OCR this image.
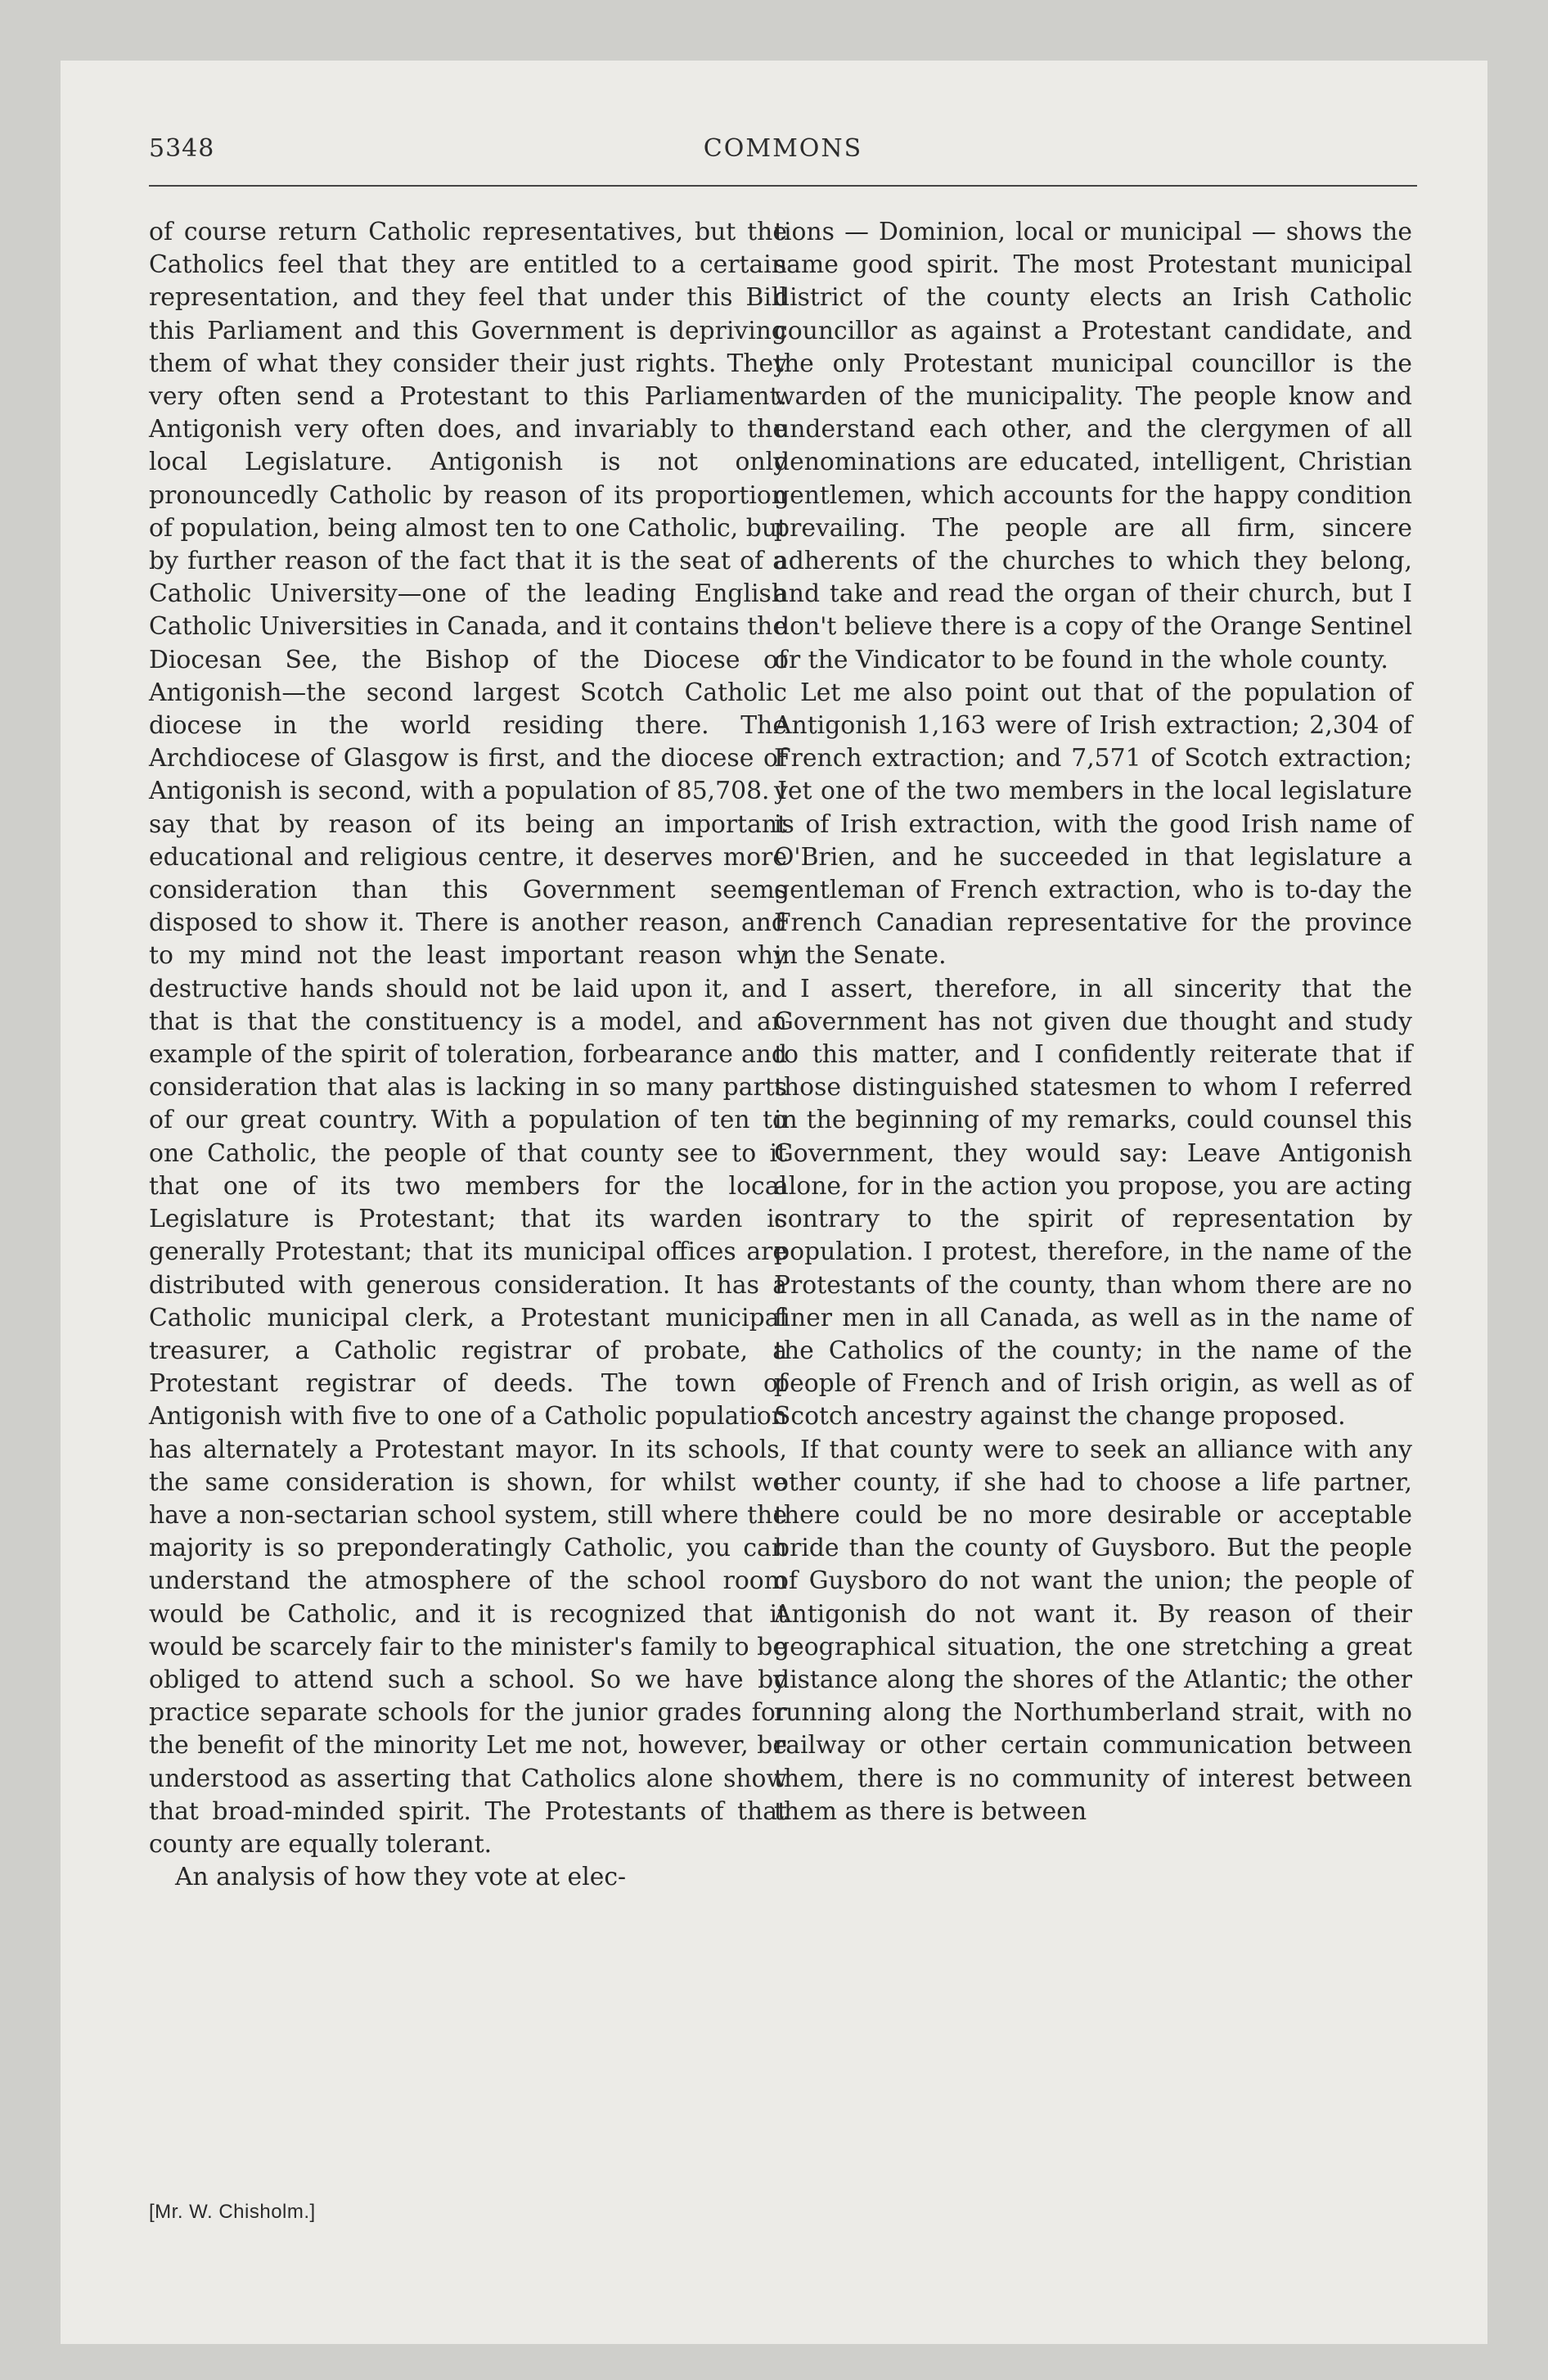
5348	COMMONS

of course return Catholic representatives, but the Catholics feel that they are entitled to a certain representation, and they feel that under this Bill this Parliament and this Government is depriving them of what they consider their just rights. They very often send a Protestant to this Parliament. Antigonish very often does, and invariably to the local Legislature. Antigonish is not only pronouncedly Catholic by reason of its proportion of population, being almost ten to one Catholic, but by further reason of the fact that it is the seat of a Catholic University—one of the leading English Catholic Universities in Canada, and it contains the Diocesan See, the Bishop of the Diocese of Antigonish—the second largest Scotch Catholic diocese in the world residing there. The Archdiocese of Glasgow is first, and the diocese of Antigonish is second, with a population of 85,708. I say that by reason of its being an important educational and religious centre, it deserves more consideration than this Government seems disposed to show it. There is another reason, and to my mind not the least important reason why destructive hands should not be laid upon it, and that is that the constituency is a model, and an example of the spirit of toleration, forbearance and consideration that alas is lacking in so many parts of our great country. With a population of ten to one Catholic, the people of that county see to it that one of its two members for the local Legislature is Protestant; that its warden is generally Protestant; that its municipal offices are distributed with generous consideration. It has a Catholic municipal clerk, a Protestant municipal treasurer, a Catholic registrar of probate, a Protestant registrar of deeds. The town of Antigonish with five to one of a Catholic population has alternately a Protestant mayor. In its schools, the same consideration is shown, for whilst we have a non-sectarian school system, still where the majority is so preponderatingly Catholic, you can understand the atmosphere of the school room would be Catholic, and it is recognized that it would be scarcely fair to the minister's family to be obliged to attend such a school. So we have by practice separate schools for the junior grades for the benefit of the minority Let me not, however, be understood as asserting that Catholics alone show that broad-minded spirit. The Protestants of that county are equally tolerant.

An analysis of how they vote at elec-

tions — Dominion, local or municipal — shows the same good spirit. The most Protestant municipal district of the county elects an Irish Catholic councillor as against a Protestant candidate, and the only Protestant municipal councillor is the warden of the municipality. The people know and understand each other, and the clergymen of all denominations are educated, intelligent, Christian gentlemen, which accounts for the happy condition prevailing. The people are all firm, sincere adherents of the churches to which they belong, and take and read the organ of their church, but I don't believe there is a copy of the Orange Sentinel or the Vindicator to be found in the whole county.

Let me also point out that of the population of Antigonish 1,163 were of Irish extraction; 2,304 of French extraction; and 7,571 of Scotch extraction; yet one of the two members in the local legislature is of Irish extraction, with the good Irish name of O'Brien, and he succeeded in that legislature a gentleman of French extraction, who is to-day the French Canadian representative for the province in the Senate.

I assert, therefore, in all sincerity that the Government has not given due thought and study to this matter, and I confidently reiterate that if those distinguished statesmen to whom I referred in the beginning of my remarks, could counsel this Government, they would say: Leave Antigonish alone, for in the action you propose, you are acting contrary to the spirit of representation by population. I protest, therefore, in the name of the Protestants of the county, than whom there are no finer men in all Canada, as well as in the name of the Catholics of the county; in the name of the people of French and of Irish origin, as well as of Scotch ancestry against the change proposed.

If that county were to seek an alliance with any other county, if she had to choose a life partner, there could be no more desirable or acceptable bride than the county of Guysboro. But the people of Guysboro do not want the union; the people of Antigonish do not want it. By reason of their geographical situation, the one stretching a great distance along the shores of the Atlantic; the other running along the Northumberland strait, with no railway or other certain communication between them, there is no community of interest between them as there is between

[Mr. W. Chisholm.]
